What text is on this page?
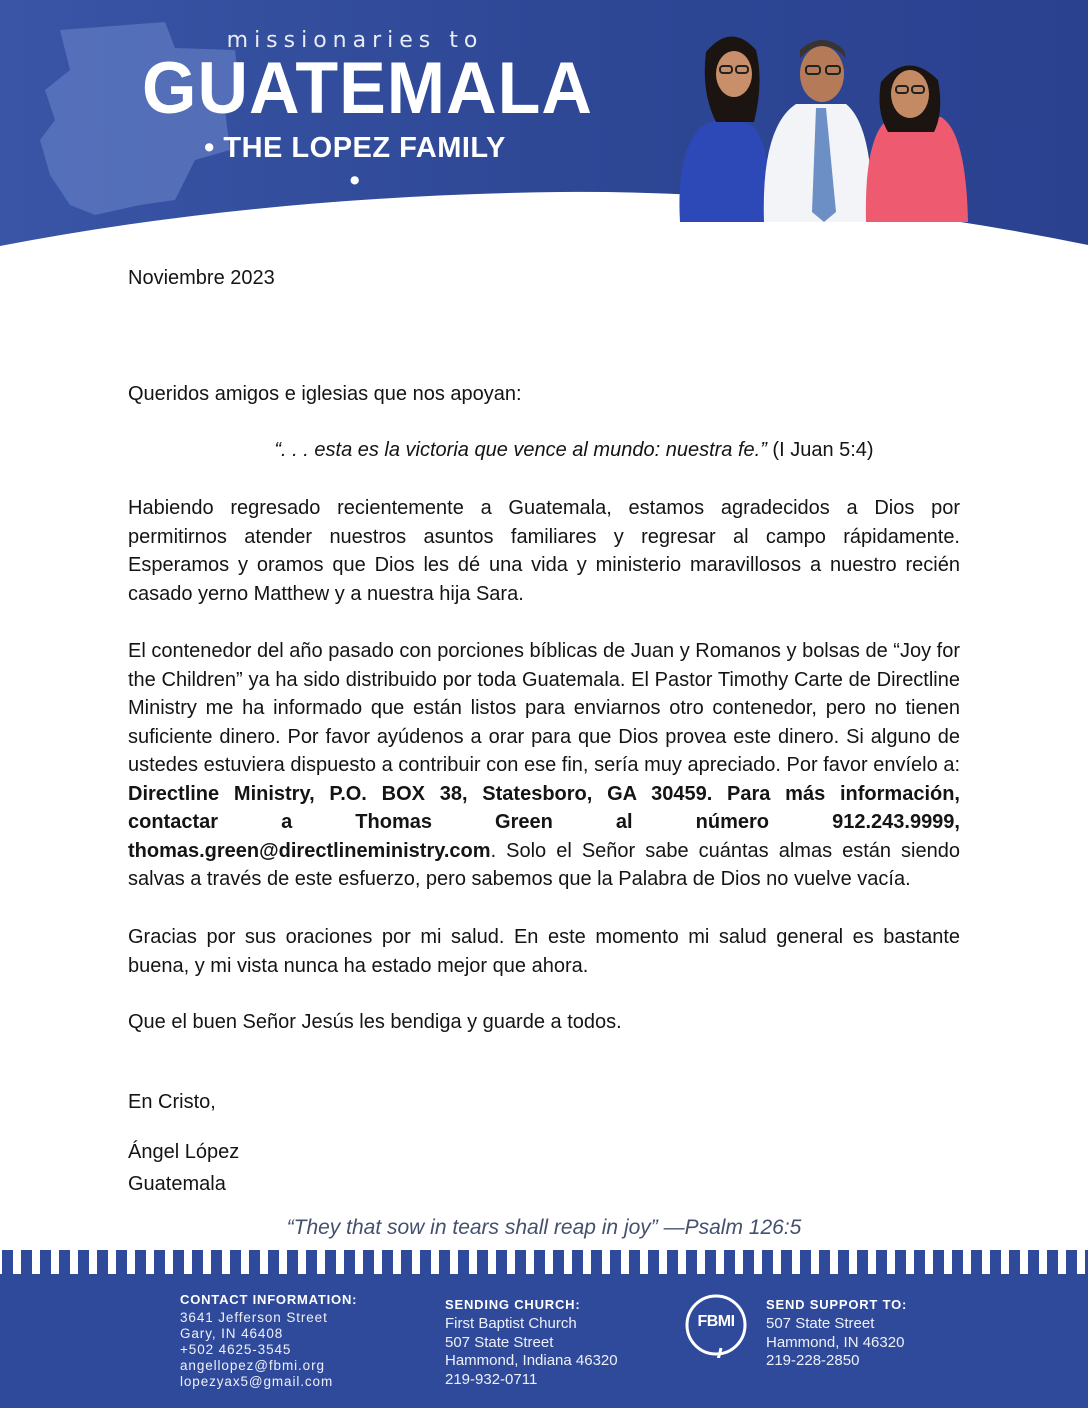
missionaries to
GUATEMALA
• THE LOPEZ FAMILY •
Noviembre 2023
Queridos amigos e iglesias que nos apoyan:
“. . . esta es la victoria que vence al mundo: nuestra fe.” (I Juan 5:4)
Habiendo regresado recientemente a Guatemala, estamos agradecidos a Dios por permitirnos atender nuestros asuntos familiares y regresar al campo rápidamente. Esperamos y oramos que Dios les dé una vida y ministerio maravillosos a nuestro recién casado yerno Matthew y a nuestra hija Sara.
El contenedor del año pasado con porciones bíblicas de Juan y Romanos y bolsas de “Joy for the Children” ya ha sido distribuido por toda Guatemala. El Pastor Timothy Carte de Directline Ministry me ha informado que están listos para enviarnos otro contenedor, pero no tienen suficiente dinero. Por favor ayúdenos a orar para que Dios provea este dinero. Si alguno de ustedes estuviera dispuesto a contribuir con ese fin, sería muy apreciado. Por favor envíelo a: Directline Ministry, P.O. BOX 38, Statesboro, GA 30459. Para más información, contactar a Thomas Green al número 912.243.9999, thomas.green@directlineministry.com. Solo el Señor sabe cuántas almas están siendo salvas a través de este esfuerzo, pero sabemos que la Palabra de Dios no vuelve vacía.
Gracias por sus oraciones por mi salud. En este momento mi salud general es bastante buena, y mi vista nunca ha estado mejor que ahora.
Que el buen Señor Jesús les bendiga y guarde a todos.
En Cristo,
Ángel López
Guatemala
“They that sow in tears shall reap in joy” —Psalm 126:5
CONTACT INFORMATION:
3641 Jefferson Street
Gary, IN 46408
+502 4625-3545
angellopez@fbmi.org
lopezyax5@gmail.com
SENDING CHURCH:
First Baptist Church
507 State Street
Hammond, Indiana 46320
219-932-0711
FBMI
SEND SUPPORT TO:
507 State Street
Hammond, IN 46320
219-228-2850
